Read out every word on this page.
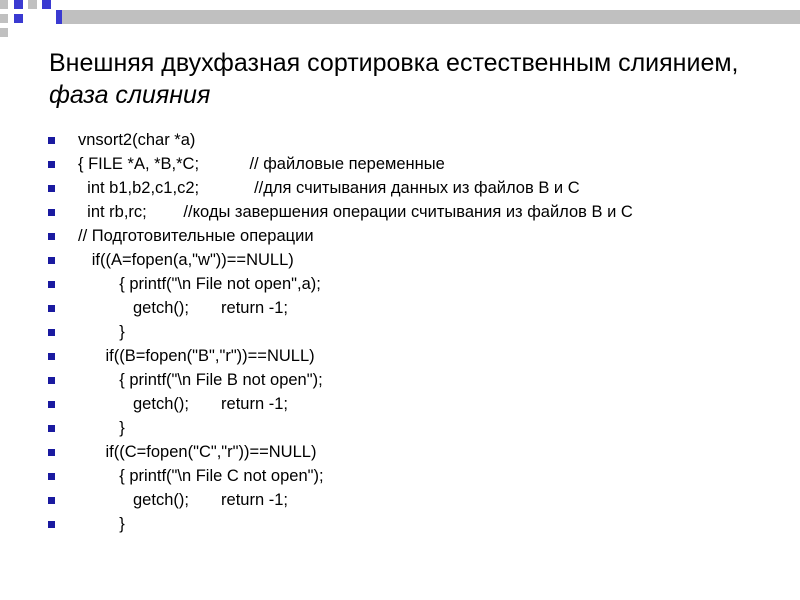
Внешняя двухфазная сортировка естественным слиянием, фаза слияния
vnsort2(char *a)
{ FILE *A, *B,*C;           // файловые переменные
int b1,b2,c1,c2;            //для считывания данных из файлов B и C
int rb,rc;        //коды завершения операции считывания из файлов B и C
// Подготовительные операции
if((A=fopen(a,"w"))==NULL)
{ printf("\n File not open",a);
getch();       return -1;
}
if((B=fopen("B","r"))==NULL)
{ printf("\n File B not open");
getch();       return -1;
}
if((C=fopen("C","r"))==NULL)
{ printf("\n File C not open");
getch();       return -1;
}
